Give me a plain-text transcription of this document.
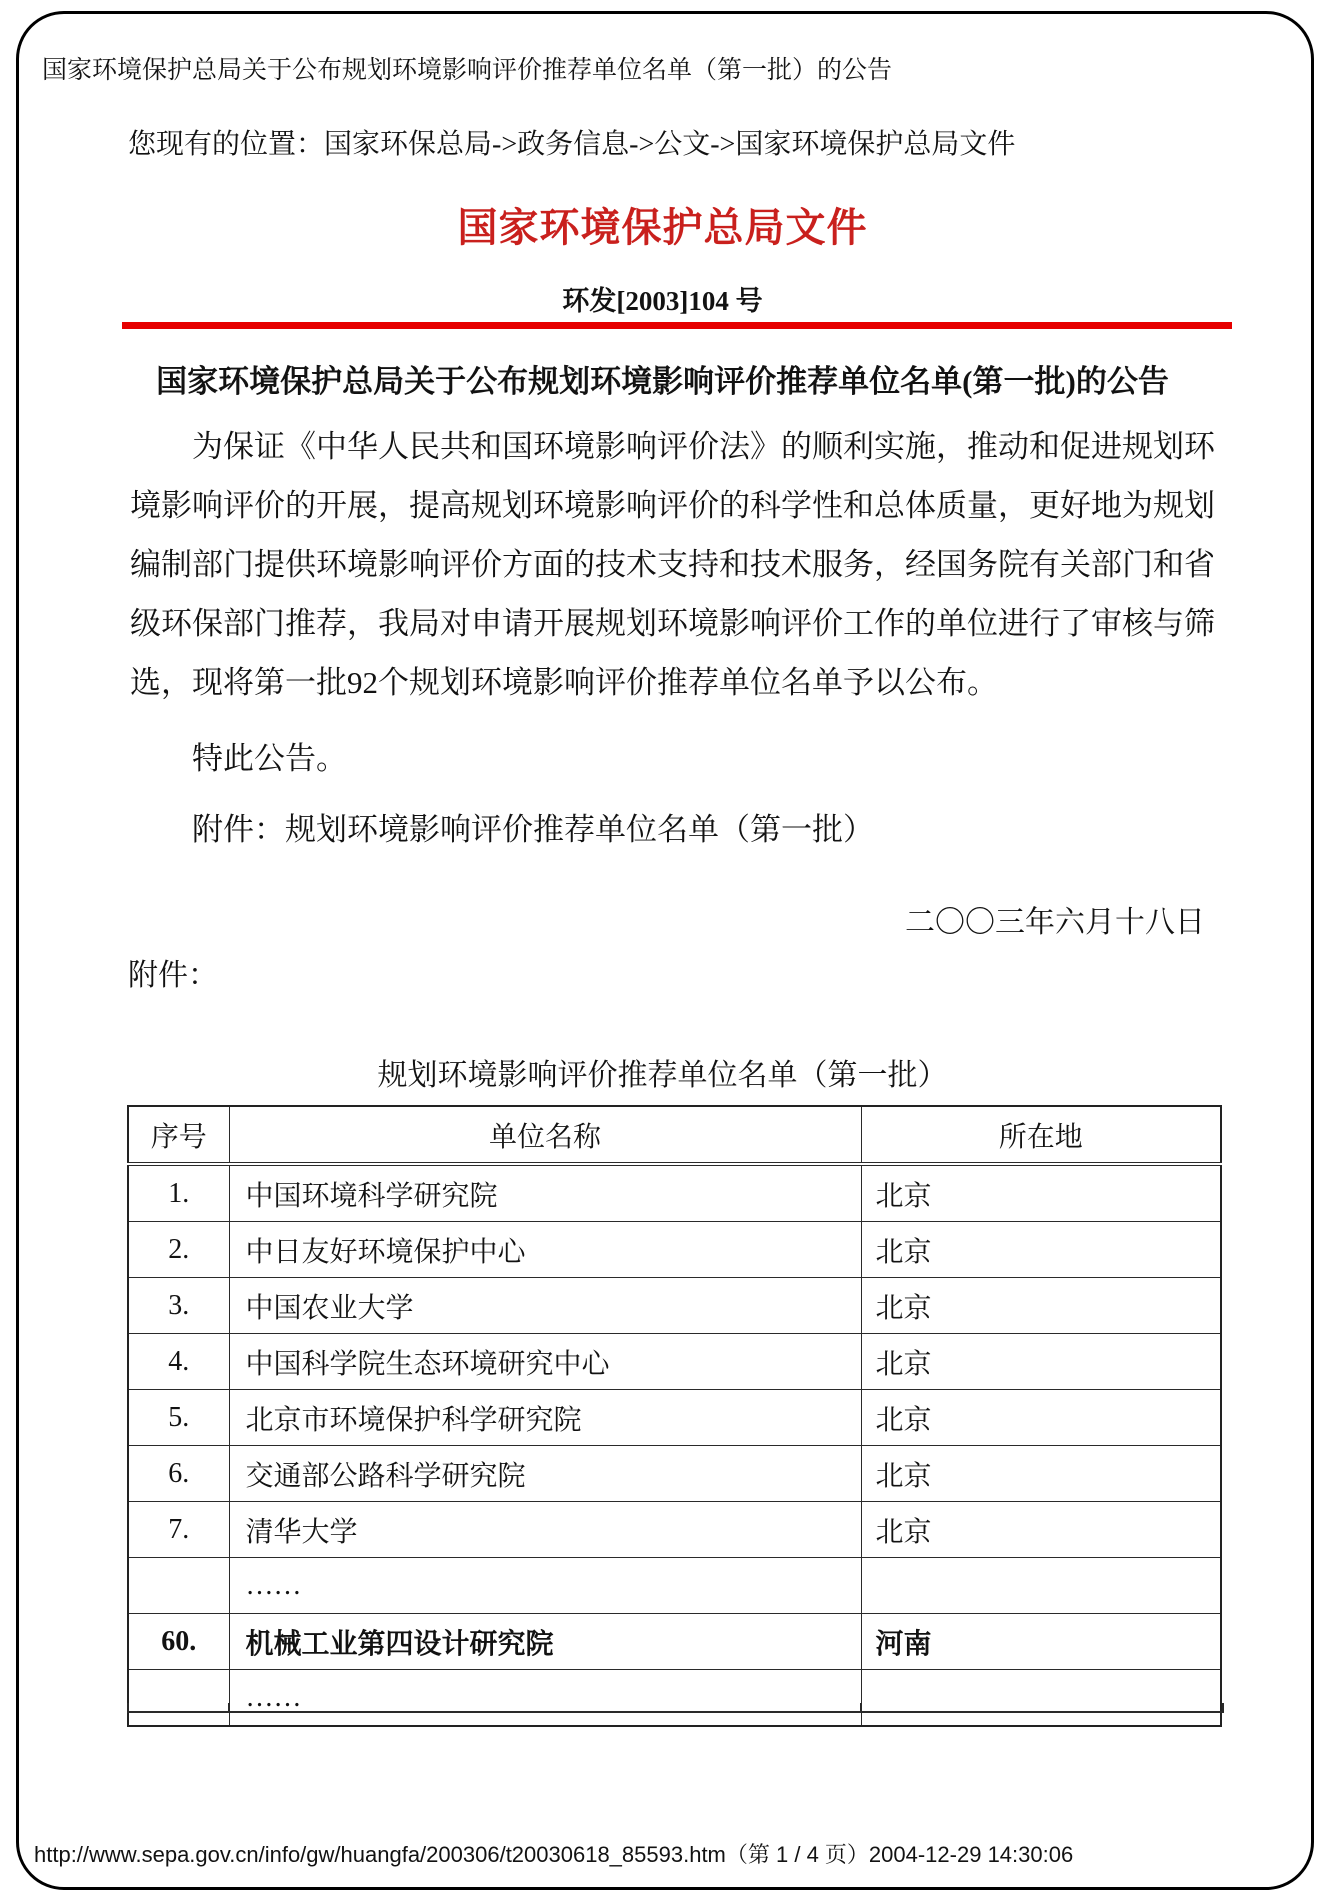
国家环境保护总局关于公布规划环境影响评价推荐单位名单（第一批）的公告
您现有的位置：国家环保总局->政务信息->公文->国家环境保护总局文件
国家环境保护总局文件
环发[2003]104 号
国家环境保护总局关于公布规划环境影响评价推荐单位名单(第一批)的公告
为保证《中华人民共和国环境影响评价法》的顺利实施，推动和促进规划环
境影响评价的开展，提高规划环境影响评价的科学性和总体质量，更好地为规划
编制部门提供环境影响评价方面的技术支持和技术服务，经国务院有关部门和省
级环保部门推荐，我局对申请开展规划环境影响评价工作的单位进行了审核与筛
选，现将第一批92个规划环境影响评价推荐单位名单予以公布。
特此公告。
附件：规划环境影响评价推荐单位名单（第一批）
二〇〇三年六月十八日
附件：
规划环境影响评价推荐单位名单（第一批）
序号	单位名称	所在地
1.	中国环境科学研究院	北京
2.	中日友好环境保护中心	北京
3.	中国农业大学	北京
4.	中国科学院生态环境研究中心	北京
5.	北京市环境保护科学研究院	北京
6.	交通部公路科学研究院	北京
7.	清华大学	北京
	……	
60.	机械工业第四设计研究院	河南
	……	
http://www.sepa.gov.cn/info/gw/huangfa/200306/t20030618_85593.htm（第 1 / 4 页）2004-12-29 14:30:06
